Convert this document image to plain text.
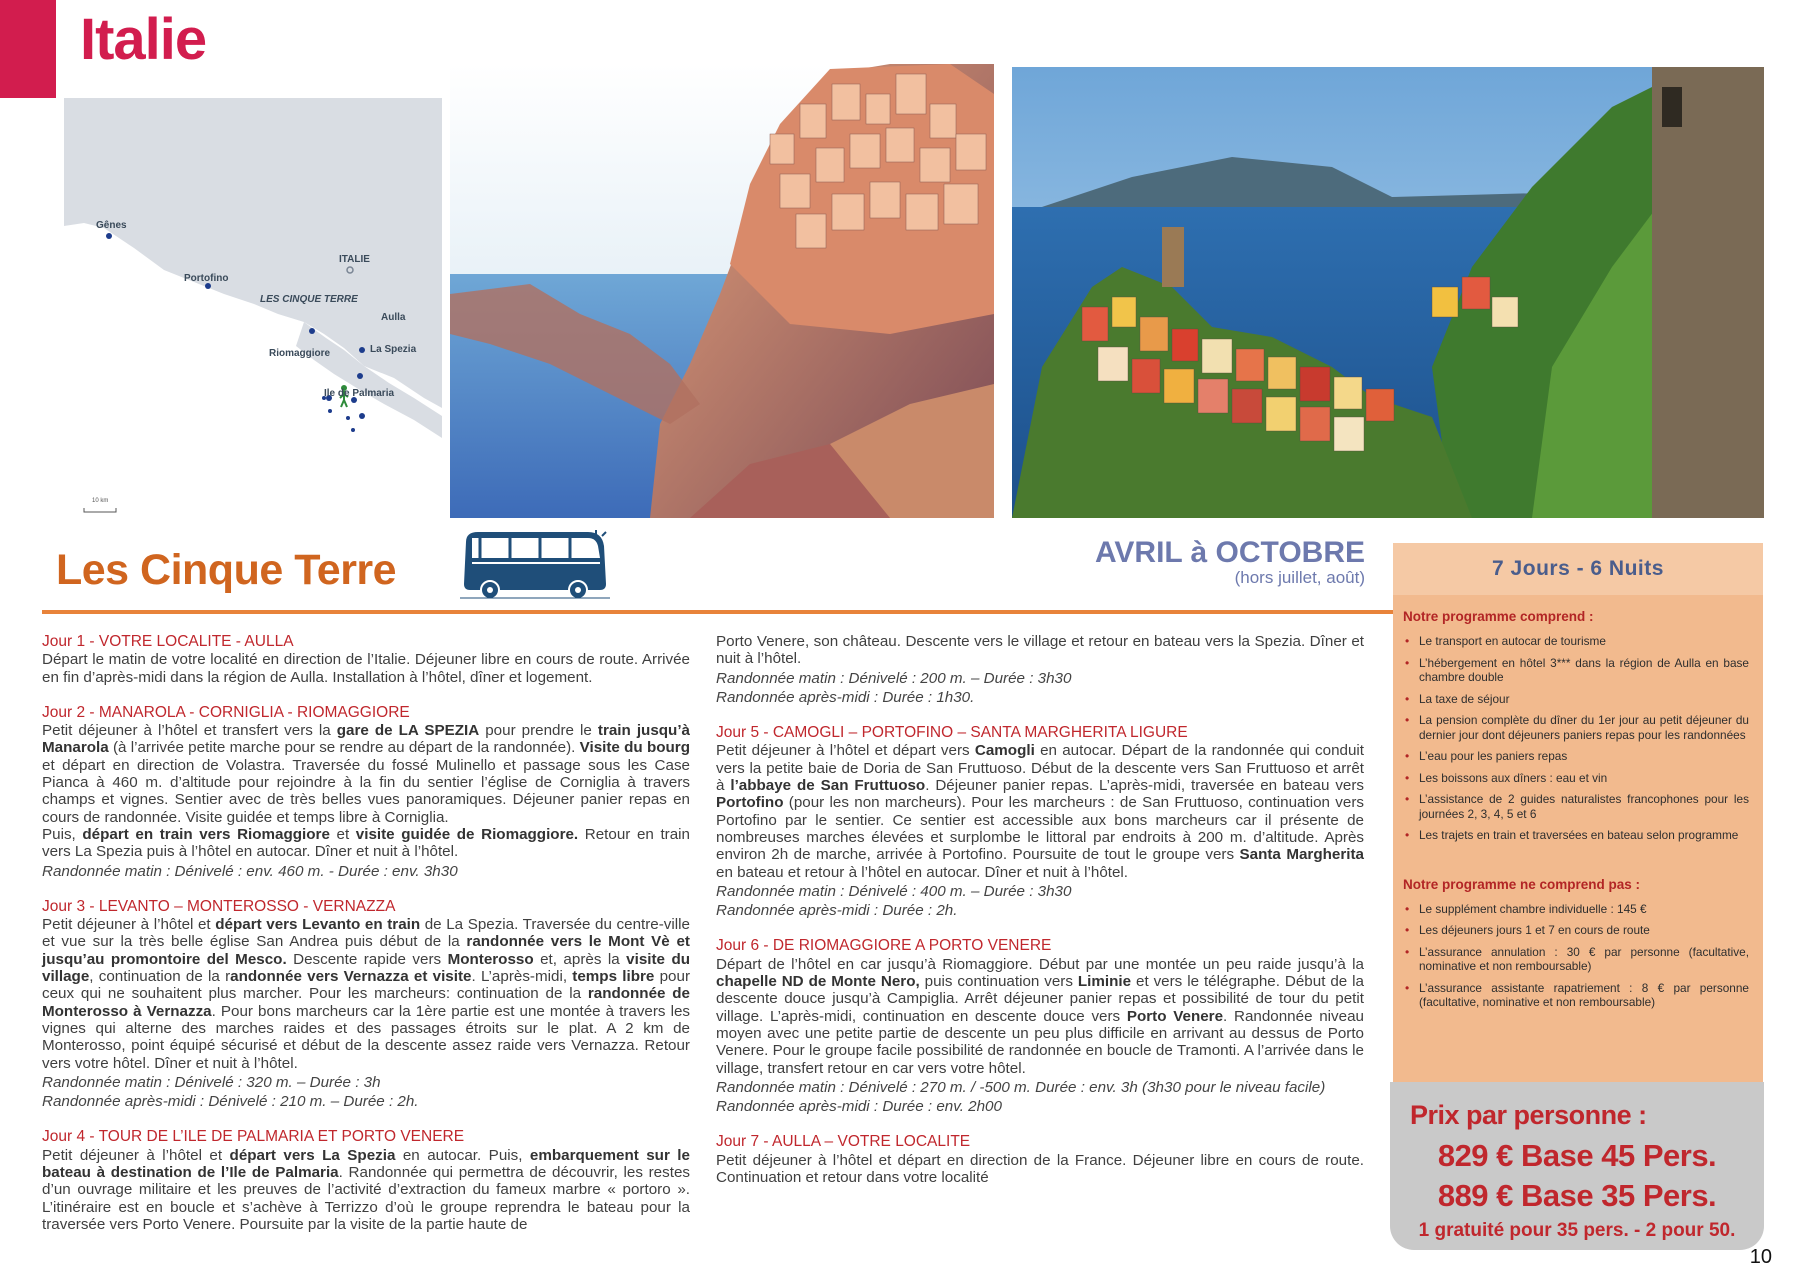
Italie
ITALIE
Gênes
Portofino
LES CINQUE TERRE
Aulla
Riomaggiore	La Spezia
Ile de Palmaria
10 km
Les Cinque Terre	AVRIL à OCTOBRE
(hors juillet, août)
Jour 1 - VOTRE LOCALITE - AULLA
Départ le matin de votre localité en direction de l’Italie. Déjeuner libre en cours de route. Arrivée en fin d’après-midi dans la région de Aulla. Installation à l’hôtel, dîner et logement.
Jour 2 - MANAROLA - CORNIGLIA - RIOMAGGIORE
Petit déjeuner à l’hôtel et transfert vers la gare de LA SPEZIA pour prendre le train jusqu’à Manarola (à l’arrivée petite marche pour se rendre au départ de la randonnée). Visite du bourg et départ en direction de Volastra. Traversée du fossé Mulinello et passage sous les Case Pianca à 460 m. d’altitude pour rejoindre à la fin du sentier l’église de Corniglia à travers champs et vignes. Sentier avec de très belles vues panoramiques. Déjeuner panier repas en cours de randonnée. Visite guidée et temps libre à Corniglia.
Puis, départ en train vers Riomaggiore et visite guidée de Riomaggiore. Retour en train vers La Spezia puis à l’hôtel en autocar. Dîner et nuit à l’hôtel.
Randonnée matin : Dénivelé : env. 460 m. - Durée : env. 3h30
Jour 3 - LEVANTO – MONTEROSSO - VERNAZZA
Petit déjeuner à l’hôtel et départ vers Levanto en train de La Spezia. Traversée du centre-ville et vue sur la très belle église San Andrea puis début de la randonnée vers le Mont Vè et jusqu’au promontoire del Mesco. Descente rapide vers Monterosso et, après la visite du village, continuation de la randonnée vers Vernazza et visite. L’après-midi, temps libre pour ceux qui ne souhaitent plus marcher. Pour les marcheurs: continuation de la randonnée de Monterosso à Vernazza. Pour bons marcheurs car la 1ère partie est une montée à travers les vignes qui alterne des marches raides et des passages étroits sur le plat. A 2 km de Monterosso, point équipé sécurisé et début de la descente assez raide vers Vernazza. Retour vers votre hôtel. Dîner et nuit à l’hôtel.
Randonnée matin : Dénivelé : 320 m. – Durée : 3h
Randonnée après-midi : Dénivelé : 210 m. – Durée : 2h.
Jour 4 - TOUR DE L’ILE DE PALMARIA ET PORTO VENERE
Petit déjeuner à l’hôtel et départ vers La Spezia en autocar. Puis, embarquement sur le bateau à destination de l’Ile de Palmaria. Randonnée qui permettra de découvrir, les restes d’un ouvrage militaire et les preuves de l’activité d’extraction du fameux marbre « portoro ». L’itinéraire est en boucle et s’achève à Terrizzo d’où le groupe reprendra le bateau pour la traversée vers Porto Venere. Poursuite par la visite de la partie haute de
Porto Venere, son château. Descente vers le village et retour en bateau vers la Spezia. Dîner et nuit à l’hôtel.
Randonnée matin : Dénivelé : 200 m. – Durée : 3h30
Randonnée après-midi : Durée : 1h30.
Jour 5 - CAMOGLI – PORTOFINO – SANTA MARGHERITA LIGURE
Petit déjeuner à l’hôtel et départ vers Camogli en autocar. Départ de la randonnée qui conduit vers la petite baie de Doria de San Fruttuoso. Début de la descente vers San Fruttuoso et arrêt à l’abbaye de San Fruttuoso. Déjeuner panier repas. L’après-midi, traversée en bateau vers Portofino (pour les non marcheurs). Pour les marcheurs : de San Fruttuoso, continuation vers Portofino par le sentier. Ce sentier est accessible aux bons marcheurs car il présente de nombreuses marches élevées et surplombe le littoral par endroits à 200 m. d’altitude. Après environ 2h de marche, arrivée à Portofino. Poursuite de tout le groupe vers Santa Margherita en bateau et retour à l’hôtel en autocar. Dîner et nuit à l’hôtel.
Randonnée matin : Dénivelé : 400 m. – Durée : 3h30
Randonnée après-midi : Durée : 2h.
Jour 6 - DE RIOMAGGIORE A PORTO VENERE
Départ de l’hôtel en car jusqu’à Riomaggiore. Début par une montée un peu raide jusqu’à la chapelle ND de Monte Nero, puis continuation vers Liminie et vers le télégraphe. Début de la descente douce jusqu’à Campiglia. Arrêt déjeuner panier repas et possibilité de tour du petit village. L’après-midi, continuation en descente douce vers Porto Venere. Randonnée niveau moyen avec une petite partie de descente un peu plus difficile en arrivant au dessus de Porto Venere. Pour le groupe facile possibilité de randonnée en boucle de Tramonti. A l’arrivée dans le village, transfert retour en car vers votre hôtel.
Randonnée matin : Dénivelé : 270 m. / -500 m. Durée : env. 3h (3h30 pour le niveau facile)
Randonnée après-midi : Durée : env. 2h00
Jour 7 - AULLA – VOTRE LOCALITE
Petit déjeuner à l’hôtel et départ en direction de la France. Déjeuner libre en cours de route. Continuation et retour dans votre localité
7 Jours - 6 Nuits
Notre programme comprend :
• Le transport en autocar de tourisme
• L’hébergement en hôtel 3*** dans la région de Aulla en base chambre double
• La taxe de séjour
• La pension complète du dîner du 1er jour au petit déjeuner du dernier jour dont déjeuners paniers repas pour les randonnées
• L’eau pour les paniers repas
• Les boissons aux dîners : eau et vin
• L’assistance de 2 guides naturalistes francophones pour les journées 2, 3, 4, 5 et 6
• Les trajets en train et traversées en bateau selon programme
Notre programme ne comprend pas :
• Le supplément chambre individuelle : 145 €
• Les déjeuners jours 1 et 7 en cours de route
• L’assurance annulation : 30 € par personne (facultative, nominative et non remboursable)
• L’assurance assistante rapatriement : 8 € par personne (facultative, nominative et non remboursable)
Prix par personne :
829 € Base 45 Pers.
889 € Base 35 Pers.
1 gratuité pour 35 pers. - 2 pour 50.
10
